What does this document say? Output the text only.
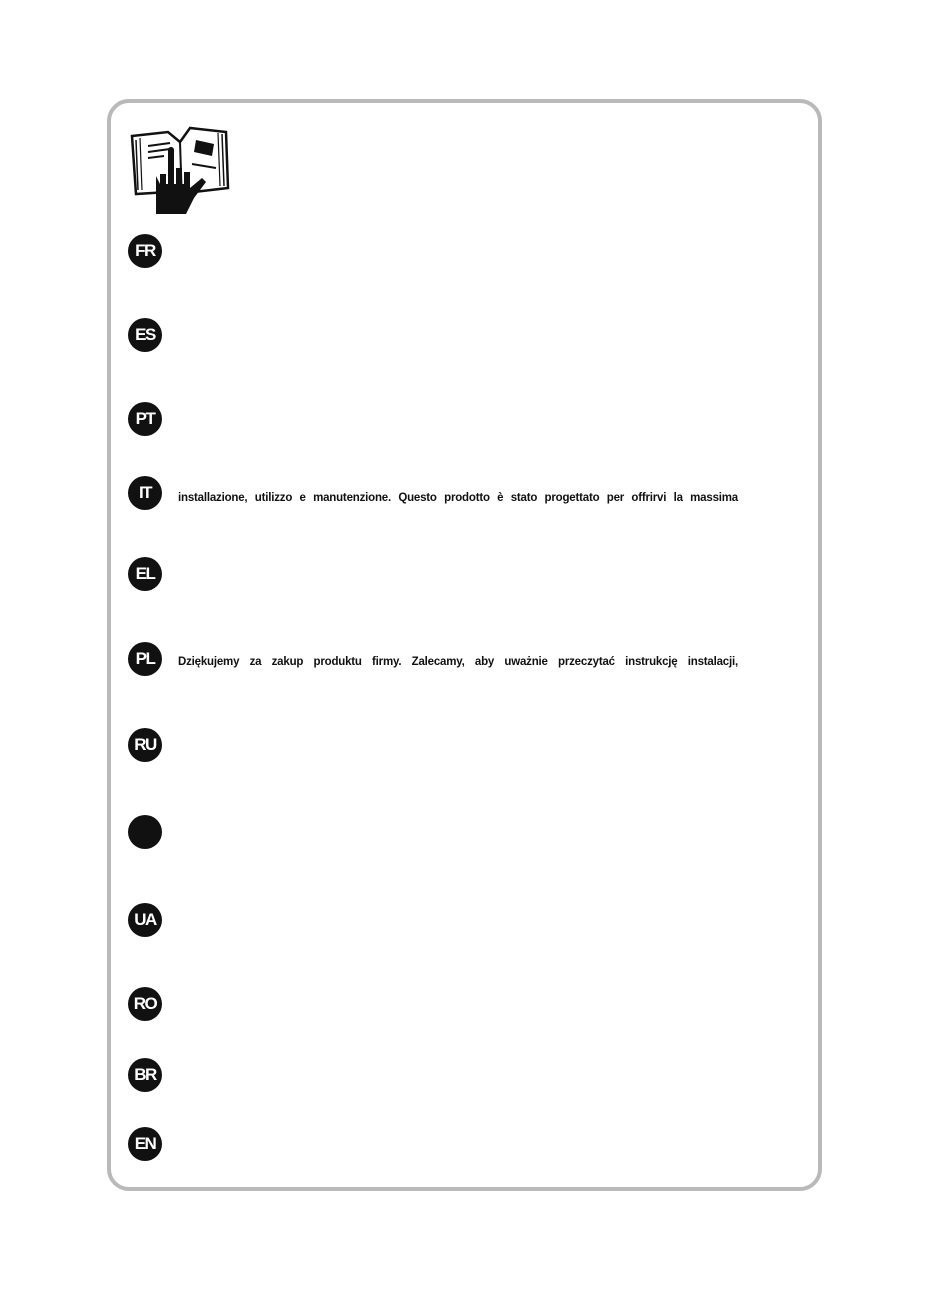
FR
ES
PT
IT	installazione, utilizzo e manutenzione. Questo prodotto è stato progettato per offrirvi la massima
EL
PL	Dziękujemy za zakup produktu firmy. Zalecamy, aby uważnie przeczytać instrukcję instalacji,
RU
UA
RO
BR
EN
